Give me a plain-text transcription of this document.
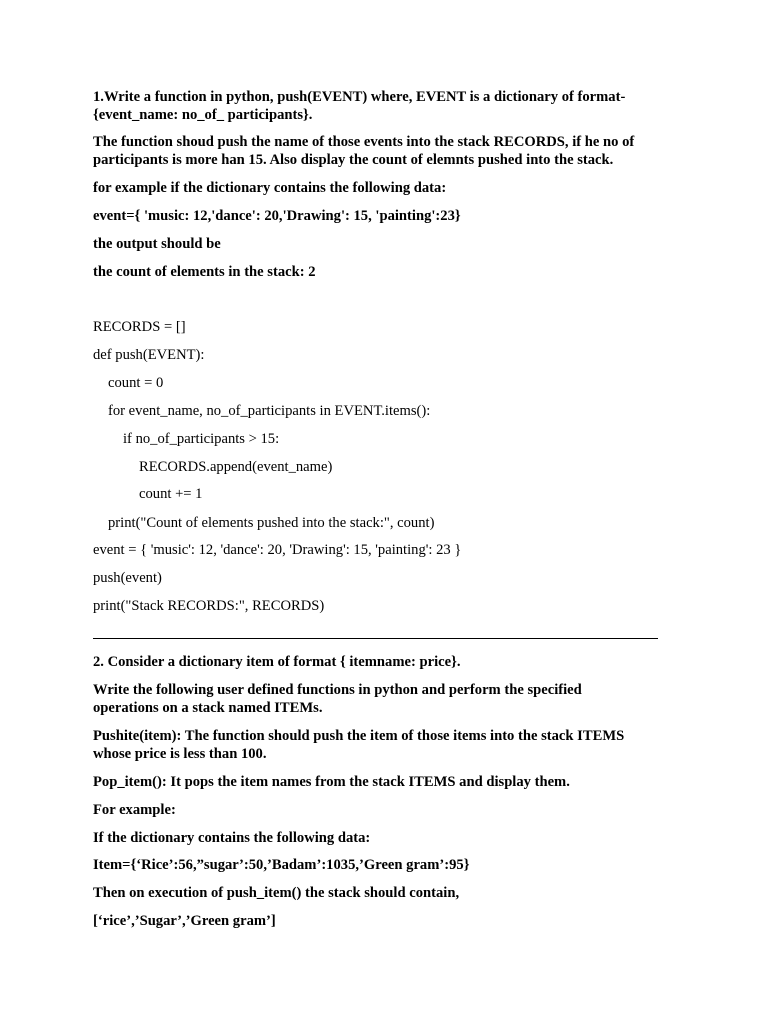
1.Write a function in python, push(EVENT) where, EVENT is a dictionary of format-
{event_name: no_of_ participants}.
The function shoud push the name of those events into the stack RECORDS, if he no of
participants is more han 15. Also display the count of elemnts pushed into the stack.
for example if the dictionary contains the following data:
event={ 'music: 12,'dance': 20,'Drawing': 15, 'painting':23}
the output should be
the count of elements in the stack: 2
RECORDS = []
def push(EVENT):
count = 0
for event_name, no_of_participants in EVENT.items():
if no_of_participants > 15:
RECORDS.append(event_name)
count += 1
print("Count of elements pushed into the stack:", count)
event = { 'music': 12, 'dance': 20, 'Drawing': 15, 'painting': 23 }
push(event)
print("Stack RECORDS:", RECORDS)
2. Consider a dictionary item of format { itemname: price}.
Write the following user defined functions in python and perform the specified
operations on a stack named ITEMs.
Pushite(item): The function should push the item of those items into the stack ITEMS
whose price is less than 100.
Pop_item(): It pops the item names from the stack ITEMS and display them.
For example:
If the dictionary contains the following data:
Item={‘Rice’:56,”sugar’:50,’Badam’:1035,’Green gram’:95}
Then on execution of push_item() the stack should contain,
[‘rice’,’Sugar’,’Green gram’]
